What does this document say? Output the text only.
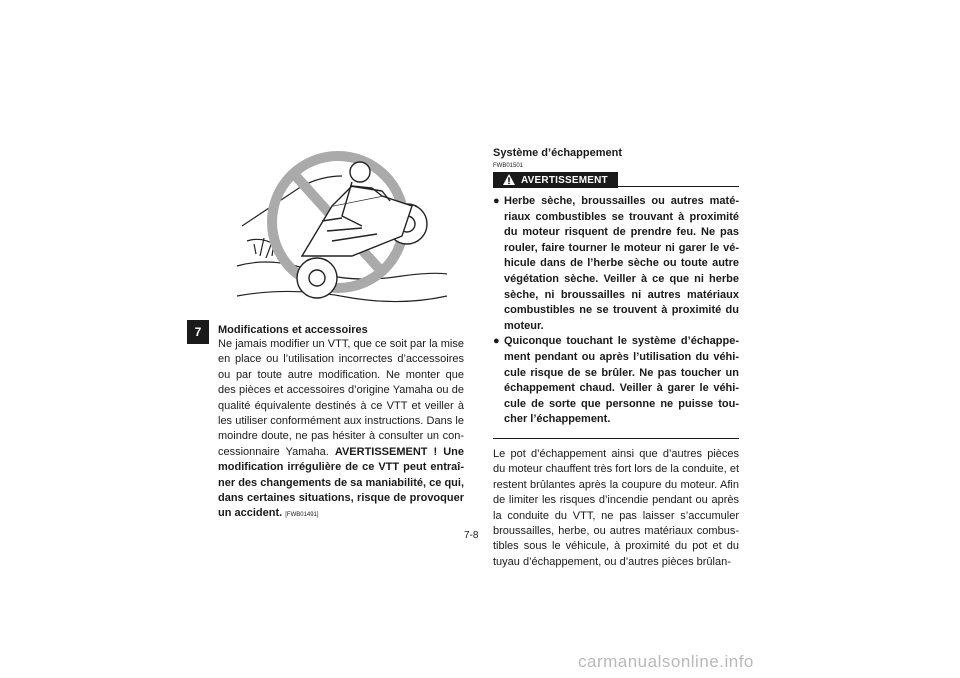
7	Modifications et accessoires

Ne jamais modifier un VTT, que ce soit par la mise en place ou l’utilisation incorrectes d’accessoires ou par toute autre modification. Ne monter que des pièces et accessoires d’origine Yamaha ou de qualité équivalente destinés à ce VTT et veiller à les utiliser conformément aux instructions. Dans le moindre doute, ne pas hésiter à consulter un con-cessionnaire Yamaha. AVERTISSEMENT ! Une modification irrégulière de ce VTT peut entraî-ner des changements de sa maniabilité, ce qui, dans certaines situations, risque de provoquer un accident. [FWB01491]

Système d’échappement
FWB01501
AVERTISSEMENT
● Herbe sèche, broussailles ou autres maté-riaux combustibles se trouvant à proximité du moteur risquent de prendre feu. Ne pas rouler, faire tourner le moteur ni garer le vé-hicule dans de l’herbe sèche ou toute autre végétation sèche. Veiller à ce que ni herbe sèche, ni broussailles ni autres matériaux combustibles ne se trouvent à proximité du moteur.
● Quiconque touchant le système d’échappe-ment pendant ou après l’utilisation du véhi-cule risque de se brûler. Ne pas toucher un échappement chaud. Veiller à garer le véhi-cule de sorte que personne ne puisse tou-cher l’échappement.

Le pot d’échappement ainsi que d’autres pièces du moteur chauffent très fort lors de la conduite, et restent brûlantes après la coupure du moteur. Afin de limiter les risques d’incendie pendant ou après la conduite du VTT, ne pas laisser s’accumuler broussailles, herbe, ou autres matériaux combus-tibles sous le véhicule, à proximité du pot et du tuyau d’échappement, ou d’autres pièces brûlan-

7-8
carmanualsonline.info
